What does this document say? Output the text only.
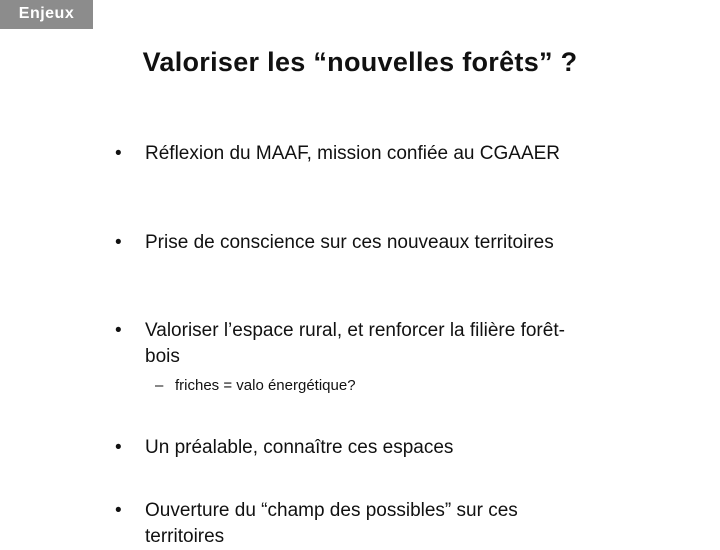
Enjeux
Valoriser les “nouvelles forêts” ?
•	Réflexion du MAAF, mission confiée au CGAAER
•	Prise de conscience sur ces nouveaux territoires
•	Valoriser l’espace rural, et renforcer la filière forêt-bois
– friches = valo énergétique?
•	Un préalable, connaître ces espaces
•	Ouverture du “champ des possibles” sur ces territoires
